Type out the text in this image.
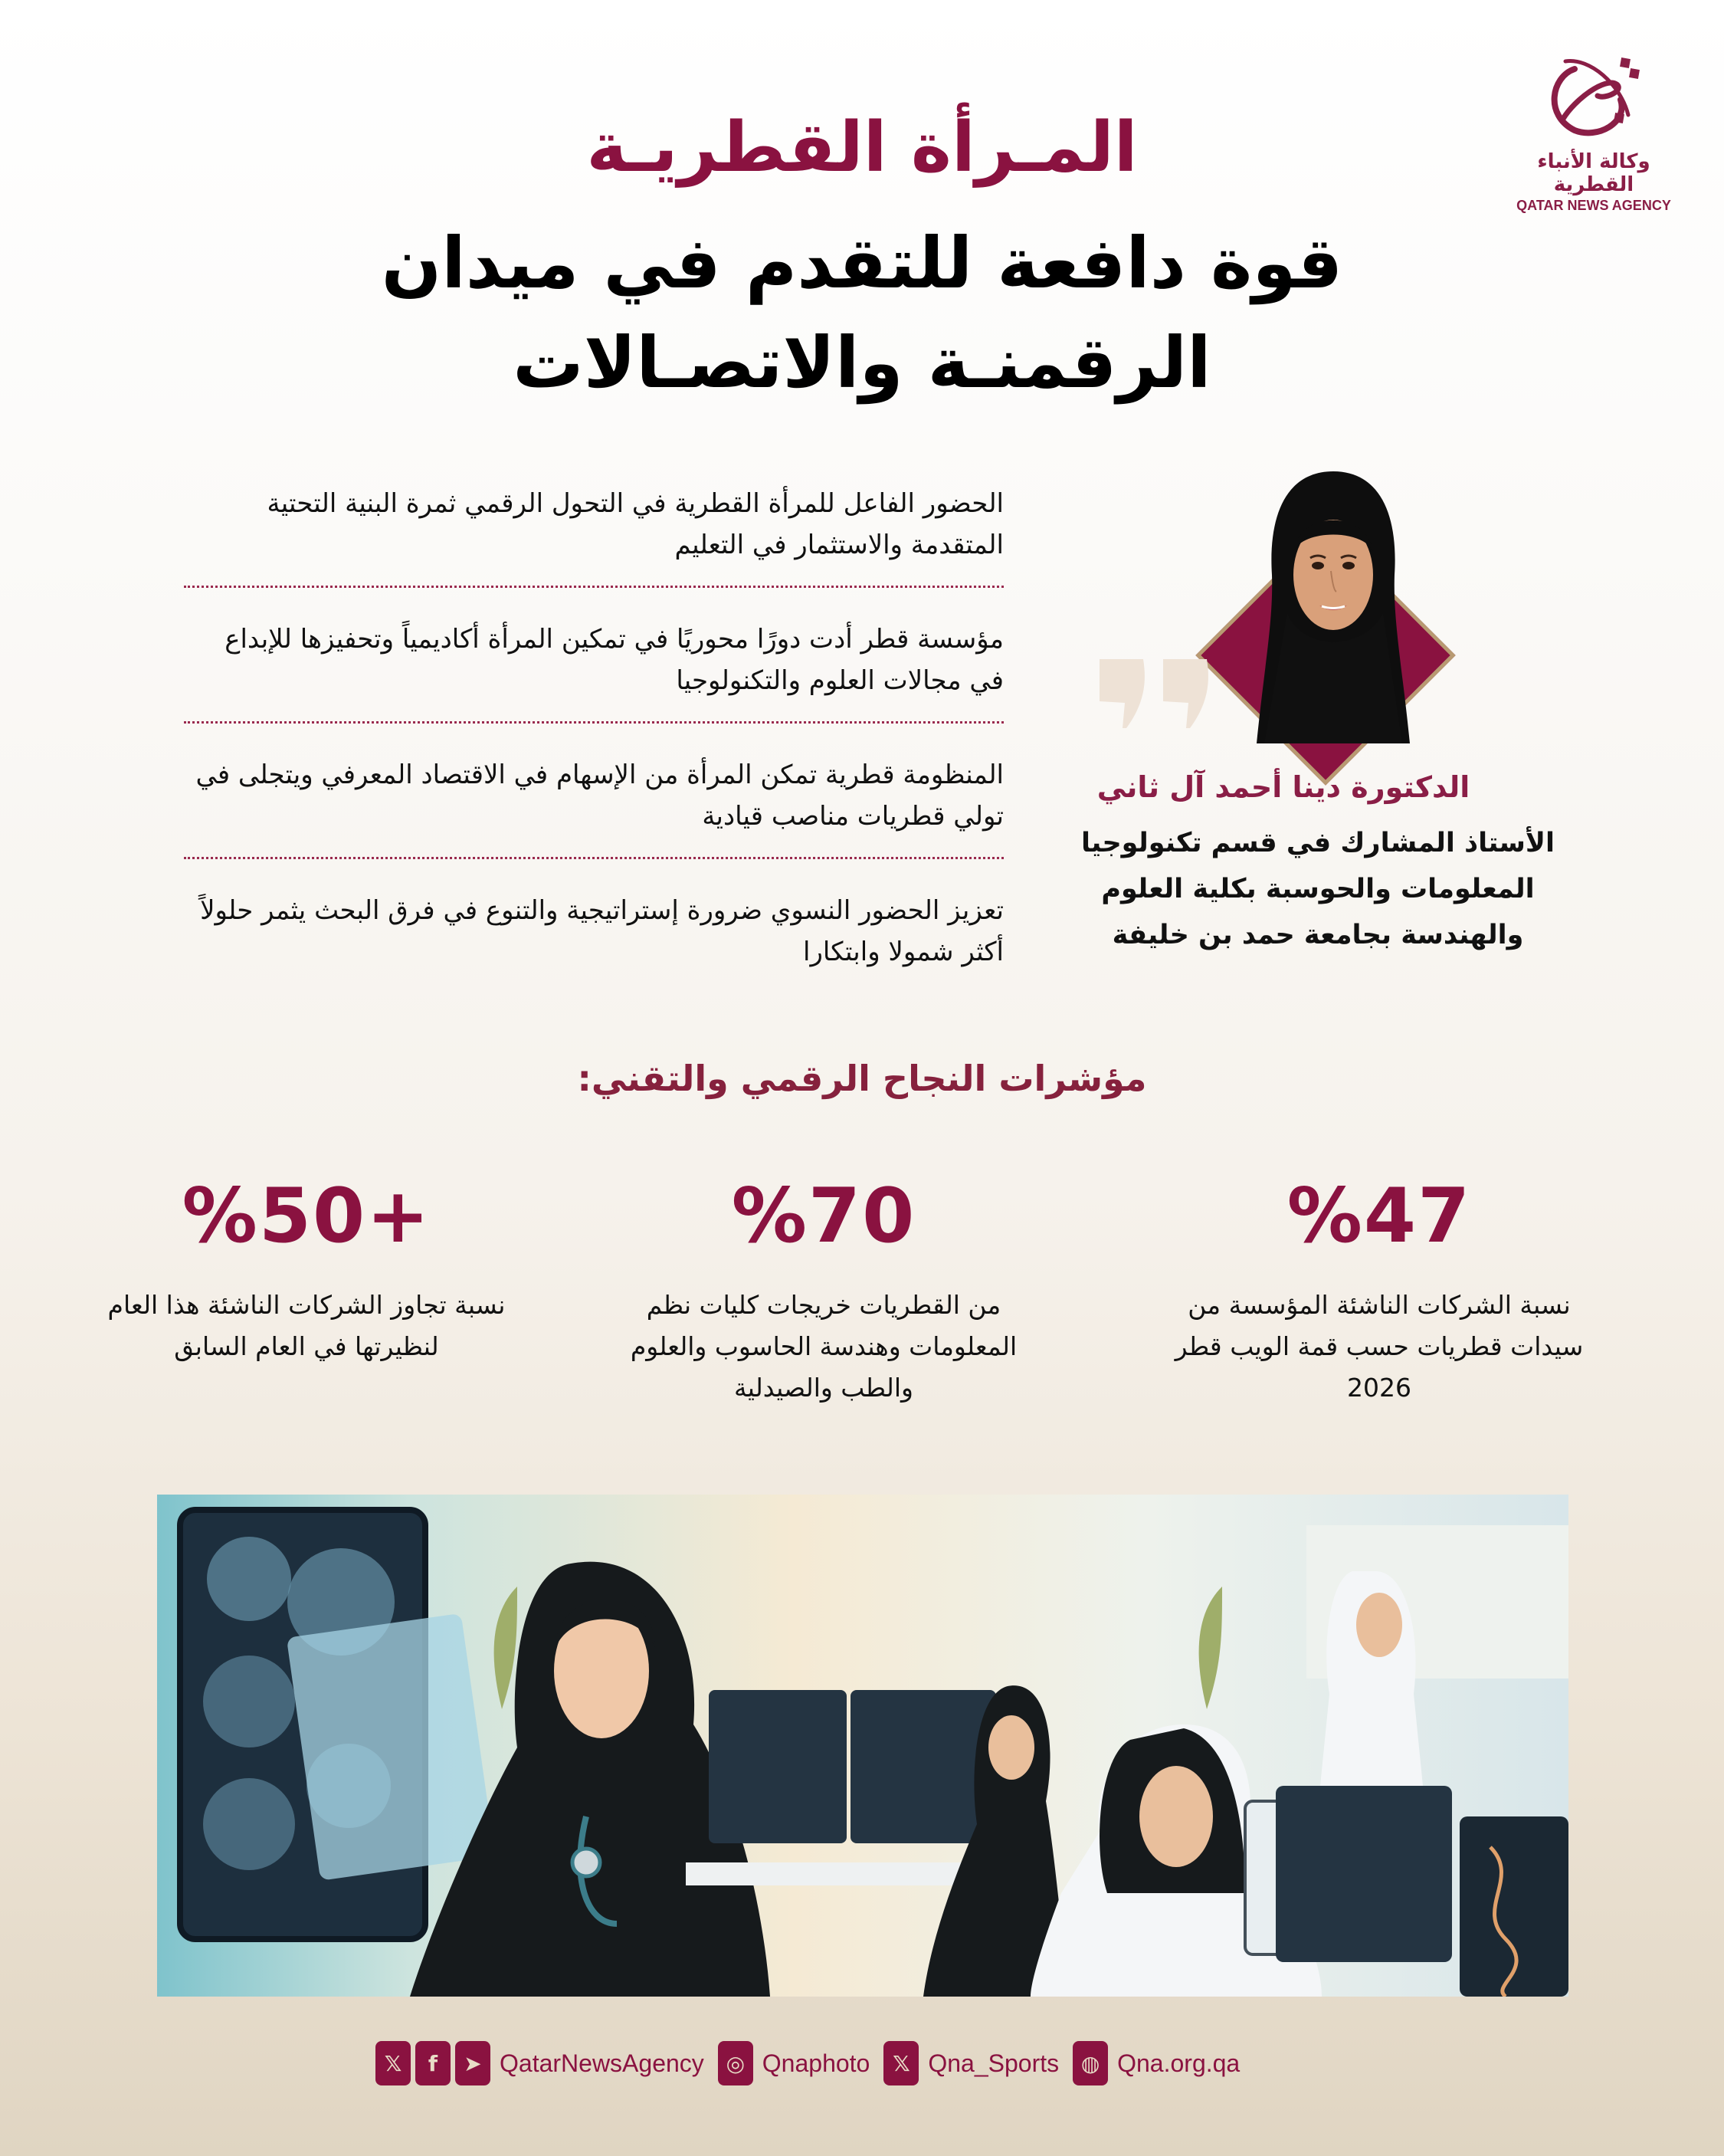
وكالة الأنباء القطرية
QATAR NEWS AGENCY
المـرأة القطريـة
قوة دافعة للتقدم في ميدان
الرقمنـة والاتصـالات
الحضور الفاعل للمرأة القطرية في التحول الرقمي ثمرة البنية التحتية المتقدمة والاستثمار في التعليم
مؤسسة قطر أدت دورًا محوريًا في تمكين المرأة أكاديمياً وتحفيزها للإبداع في مجالات العلوم والتكنولوجيا
المنظومة قطرية تمكن المرأة من الإسهام في الاقتصاد المعرفي ويتجلى في تولي قطريات مناصب قيادية
تعزيز الحضور النسوي ضرورة إستراتيجية والتنوع في فرق البحث يثمر حلولاً أكثر شمولا وابتكارا
الدكتورة دينا أحمد آل ثاني
الأستاذ المشارك في قسم تكنولوجيا
المعلومات والحوسبة بكلية العلوم
والهندسة بجامعة حمد بن خليفة
مؤشرات النجاح الرقمي والتقني:
%47
نسبة الشركات الناشئة المؤسسة من سيدات قطريات حسب قمة الويب قطر 2026
%70
من القطريات خريجات كليات نظم المعلومات وهندسة الحاسوب والعلوم والطب والصيدلية
%50+
نسبة تجاوز الشركات الناشئة هذا العام لنظيرتها في العام السابق
𝕏	f	➤ QatarNewsAgency	◎ Qnaphoto	𝕏 Qna_Sports	◍ Qna.org.qa
